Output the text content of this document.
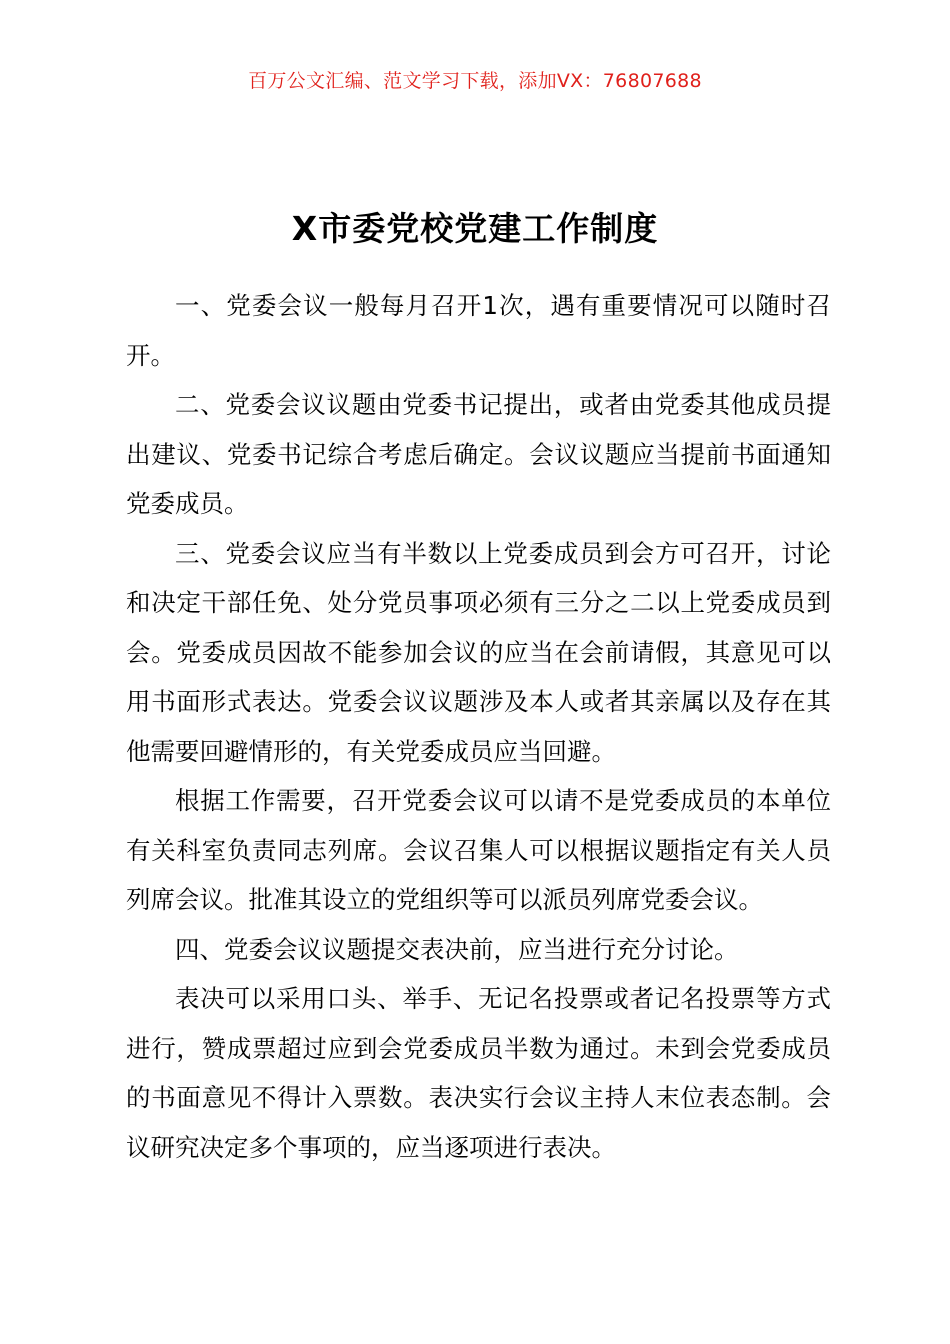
百万公文汇编、范文学习下载，添加VX：76807688
X市委党校党建工作制度

一、党委会议一般每月召开1次，遇有重要情况可以随时召开。

二、党委会议议题由党委书记提出，或者由党委其他成员提出建议、党委书记综合考虑后确定。会议议题应当提前书面通知党委成员。

三、党委会议应当有半数以上党委成员到会方可召开，讨论和决定干部任免、处分党员事项必须有三分之二以上党委成员到会。党委成员因故不能参加会议的应当在会前请假，其意见可以用书面形式表达。党委会议议题涉及本人或者其亲属以及存在其他需要回避情形的，有关党委成员应当回避。

根据工作需要，召开党委会议可以请不是党委成员的本单位有关科室负责同志列席。会议召集人可以根据议题指定有关人员列席会议。批准其设立的党组织等可以派员列席党委会议。

四、党委会议议题提交表决前，应当进行充分讨论。

表决可以采用口头、举手、无记名投票或者记名投票等方式进行，赞成票超过应到会党委成员半数为通过。未到会党委成员的书面意见不得计入票数。表决实行会议主持人末位表态制。会议研究决定多个事项的，应当逐项进行表决。
